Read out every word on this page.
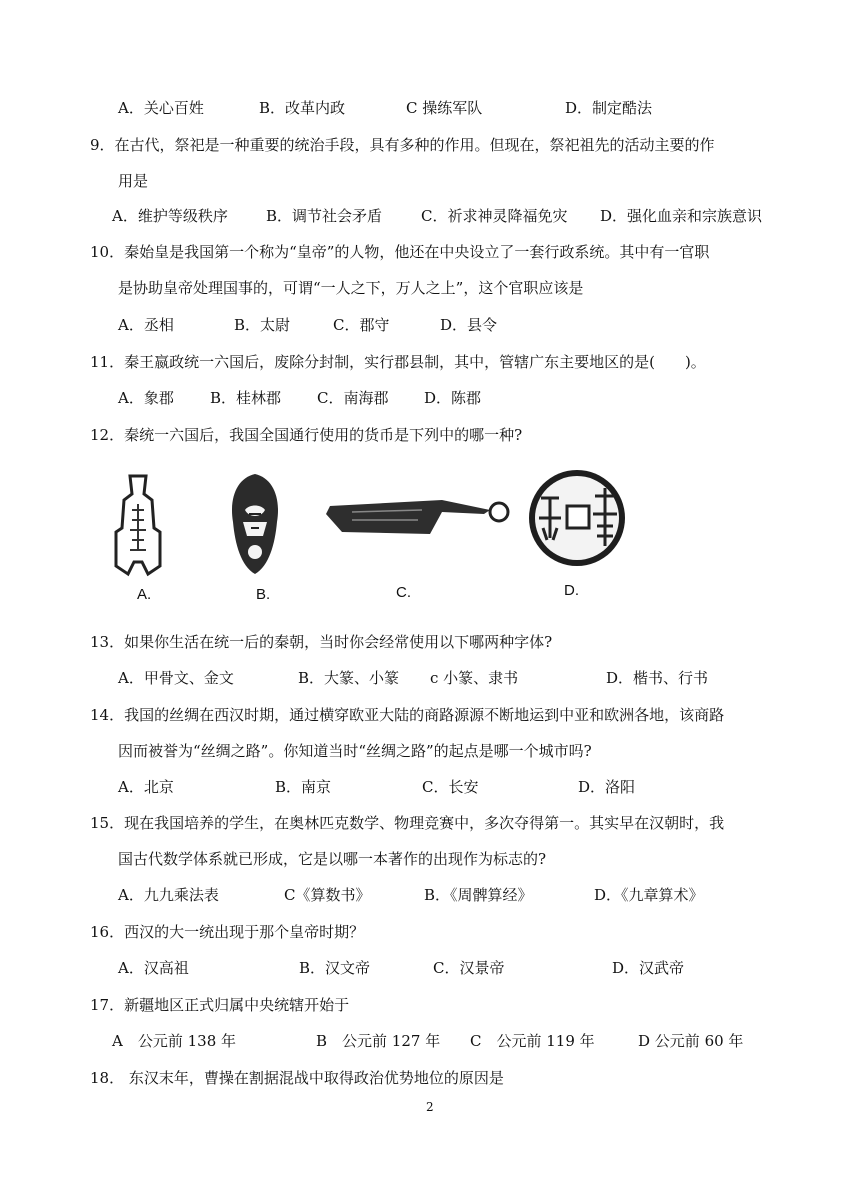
A．关心百姓	B．改革内政	C 操练军队	D．制定酷法
9．在古代，祭祀是一种重要的统治手段，具有多种的作用。但现在，祭祀祖先的活动主要的作
用是
A．维护等级秩序	B．调节社会矛盾	C．祈求神灵降福免灾 D．强化血亲和宗族意识
10．秦始皇是我国第一个称为“皇帝”的人物，他还在中央设立了一套行政系统。其中有一官职
是协助皇帝处理国事的，可谓“一人之下，万人之上”，这个官职应该是
A．丞相	B．太尉	C．郡守	D．县令
11．秦王嬴政统一六国后，废除分封制，实行郡县制，其中，管辖广东主要地区的是(　　)。
A．象郡 B．桂林郡 C．南海郡 D．陈郡
12．秦统一六国后，我国全国通行使用的货币是下列中的哪一种?
A.	B.	C.	D.
13．如果你生活在统一后的秦朝，当时你会经常使用以下哪两种字体?
A．甲骨文、金文	B．大篆、小篆 c 小篆、隶书	D．楷书、行书
14．我国的丝绸在西汉时期，通过横穿欧亚大陆的商路源源不断地运到中亚和欧洲各地，该商路
因而被誉为“丝绸之路”。你知道当时“丝绸之路”的起点是哪一个城市吗?
A．北京	B．南京	C．长安	D．洛阳
15．现在我国培养的学生，在奥林匹克数学、物理竞赛中，多次夺得第一。其实早在汉朝时，我
国古代数学体系就已形成，它是以哪一本著作的出现作为标志的?
A．九九乘法表	C《算数书》	B．《周髀算经》	D．《九章算术》
16．西汉的大一统出现于那个皇帝时期？
A．汉高祖	B．汉文帝	C．汉景帝	D．汉武帝
17．新疆地区正式归属中央统辖开始于
A　公元前 138 年	B　公元前 127 年 C　公元前 119 年	D 公元前 60 年
18． 东汉末年，曹操在割据混战中取得政治优势地位的原因是
2
